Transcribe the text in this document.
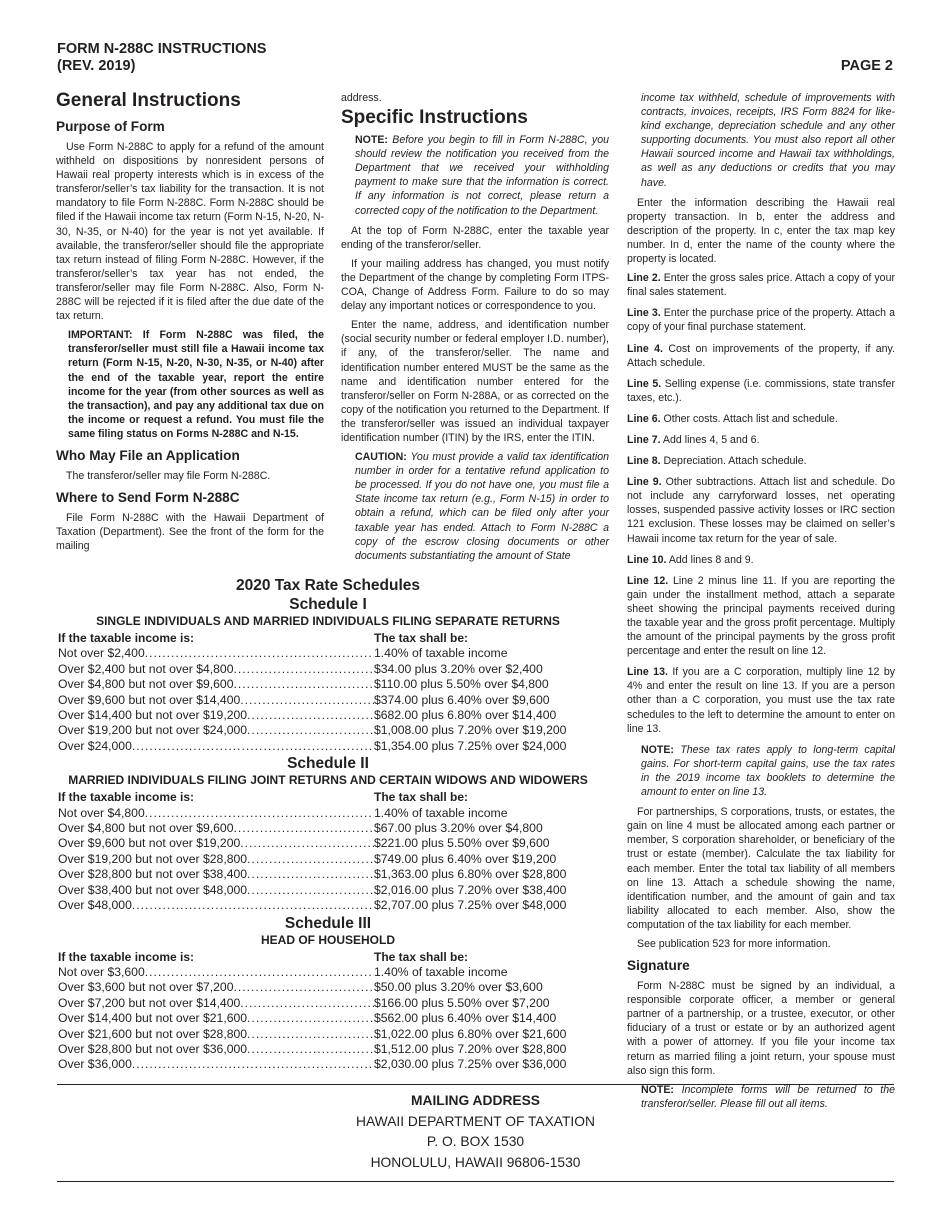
FORM N-288C INSTRUCTIONS
(REV. 2019)	PAGE 2
General Instructions
Purpose of Form

Use Form N-288C to apply for a refund of the amount withheld on dispositions by nonresident persons of Hawaii real property interests which is in excess of the transferor/seller’s tax liability for the transaction. It is not mandatory to file Form N-288C. Form N-288C should be filed if the Hawaii income tax return (Form N-15, N-20, N-30, N-35, or N-40) for the year is not yet available. If available, the transferor/seller should file the appropriate tax return instead of filing Form N-288C. However, if the transferor/seller’s tax year has not ended, the transferor/seller may file Form N-288C. Also, Form N-288C will be rejected if it is filed after the due date of the tax return.

IMPORTANT: If Form N-288C was filed, the transferor/seller must still file a Hawaii income tax return (Form N-15, N-20, N-30, N-35, or N-40) after the end of the taxable year, report the entire income for the year (from other sources as well as the transaction), and pay any additional tax due on the income or request a refund. You must file the same filing status on Forms N-288C and N-15.
Who May File an Application

The transferor/seller may file Form N-288C.

Where to Send Form N-288C

File Form N-288C with the Hawaii Department of Taxation (Department). See the front of the form for the mailing

address.

Specific Instructions
NOTE: Before you begin to fill in Form N-288C, you should review the notification you received from the Department that we received your withholding payment to make sure that the information is correct. If any information is not correct, please return a corrected copy of the notification to the Department.

At the top of Form N-288C, enter the taxable year ending of the transferor/seller.

If your mailing address has changed, you must notify the Department of the change by completing Form ITPS-COA, Change of Address Form. Failure to do so may delay any important notices or correspondence to you.

Enter the name, address, and identification number (social security number or federal employer I.D. number), if any, of the transferor/seller. The name and identification number entered MUST be the same as the name and identification number entered for the transferor/seller on Form N-288A, or as corrected on the copy of the notification you returned to the Department. If the transferor/seller was issued an individual taxpayer identification number (ITIN) by the IRS, enter the ITIN.

CAUTION: You must provide a valid tax identification number in order for a tentative refund application to be processed. If you do not have one, you must file a State income tax return (e.g., Form N-15) in order to obtain a refund, which can be filed only after your taxable year has ended. Attach to Form N-288C a copy of the escrow closing documents or other documents substantiating the amount of State
income tax withheld, schedule of improvements with contracts, invoices, receipts, IRS Form 8824 for like-kind exchange, depreciation schedule and any other supporting documents. You must also report all other Hawaii sourced income and Hawaii tax withholdings, as well as any deductions or credits that you may have.

Enter the information describing the Hawaii real property transaction. In b, enter the address and description of the property. In c, enter the tax map key number. In d, enter the name of the county where the property is located.

Line 2. Enter the gross sales price. Attach a copy of your final sales statement.

Line 3. Enter the purchase price of the property. Attach a copy of your final purchase statement.

Line 4. Cost on improvements of the property, if any. Attach schedule.

Line 5. Selling expense (i.e. commissions, state transfer taxes, etc.).

Line 6. Other costs. Attach list and schedule.

Line 7. Add lines 4, 5 and 6.

Line 8. Depreciation. Attach schedule.

Line 9. Other subtractions. Attach list and schedule. Do not include any carryforward losses, net operating losses, suspended passive activity losses or IRC section 121 exclusion. These losses may be claimed on seller’s Hawaii income tax return for the year of sale.

Line 10. Add lines 8 and 9.

Line 12. Line 2 minus line 11. If you are reporting the gain under the installment method, attach a separate sheet showing the principal payments received during the taxable year and the gross profit percentage. Multiply the amount of the principal payments by the gross profit percentage and enter the result on line 12.

Line 13. If you are a C corporation, multiply line 12 by 4% and enter the result on line 13. If you are a person other than a C corporation, you must use the tax rate schedules to the left to determine the amount to enter on line 13.

NOTE: These tax rates apply to long-term capital gains. For short-term capital gains, use the tax rates in the 2019 income tax booklets to determine the amount to enter on line 13.

For partnerships, S corporations, trusts, or estates, the gain on line 4 must be allocated among each partner or member, S corporation shareholder, or beneficiary of the trust or estate (member). Calculate the tax liability for each member. Enter the total tax liability of all members on line 13. Attach a schedule showing the name, identification number, and the amount of gain and tax liability allocated to each member. Also, show the computation of the tax liability for each member.

See publication 523 for more information.

Signature

Form N-288C must be signed by an individual, a responsible corporate officer, a member or general partner of a partnership, or a trustee, executor, or other fiduciary of a trust or estate or by an authorized agent with a power of attorney. If you file your income tax return as married filing a joint return, your spouse must also sign this form.

NOTE: Incomplete forms will be returned to the transferor/seller. Please fill out all items.
2020 Tax Rate Schedules
Schedule I
SINGLE INDIVIDUALS AND MARRIED INDIVIDUALS FILING SEPARATE RETURNS
If the taxable income is:	The tax shall be:
Not over $2,400 .....	1.40% of taxable income
Over $2,400 but not over $4,800 .....	$34.00 plus 3.20% over $2,400
Over $4,800 but not over $9,600 .....	$110.00 plus 5.50% over $4,800
Over $9,600 but not over $14,400 .....	$374.00 plus 6.40% over $9,600
Over $14,400 but not over $19,200 .....	$682.00 plus 6.80% over $14,400
Over $19,200 but not over $24,000 .....	$1,008.00 plus 7.20% over $19,200
Over $24,000 .....	$1,354.00 plus 7.25% over $24,000
Schedule II
MARRIED INDIVIDUALS FILING JOINT RETURNS AND CERTAIN WIDOWS AND WIDOWERS
If the taxable income is:	The tax shall be:
Not over $4,800 .....	1.40% of taxable income
Over $4,800 but not over $9,600 .....	$67.00 plus 3.20% over $4,800
Over $9,600 but not over $19,200 .....	$221.00 plus 5.50% over $9,600
Over $19,200 but not over $28,800 .....	$749.00 plus 6.40% over $19,200
Over $28,800 but not over $38,400 .....	$1,363.00 plus 6.80% over $28,800
Over $38,400 but not over $48,000 .....	$2,016.00 plus 7.20% over $38,400
Over $48,000 .....	$2,707.00 plus 7.25% over $48,000
Schedule III
HEAD OF HOUSEHOLD
If the taxable income is:	The tax shall be:
Not over $3,600 .....	1.40% of taxable income
Over $3,600 but not over $7,200 .....	$50.00 plus 3.20% over $3,600
Over $7,200 but not over $14,400 .....	$166.00 plus 5.50% over $7,200
Over $14,400 but not over $21,600 .....	$562.00 plus 6.40% over $14,400
Over $21,600 but not over $28,800 .....	$1,022.00 plus 6.80% over $21,600
Over $28,800 but not over $36,000 .....	$1,512.00 plus 7.20% over $28,800
Over $36,000 .....	$2,030.00 plus 7.25% over $36,000
MAILING ADDRESS
HAWAII DEPARTMENT OF TAXATION
P. O. BOX 1530
HONOLULU, HAWAII 96806-1530
